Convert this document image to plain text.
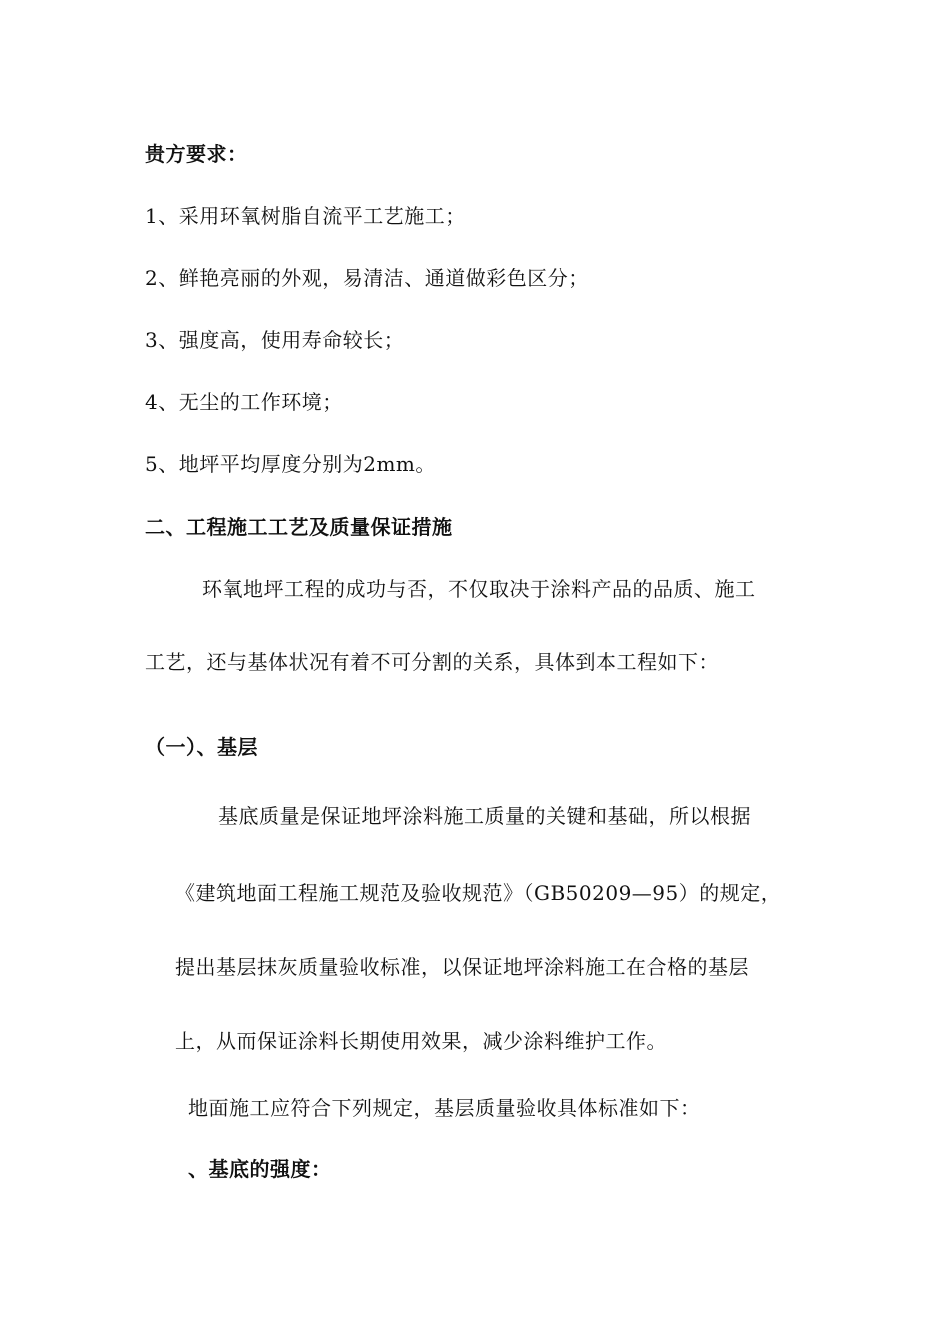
贵方要求：
1、采用环氧树脂自流平工艺施工；
2、鲜艳亮丽的外观，易清洁、通道做彩色区分；
3、强度高，使用寿命较长；
4、无尘的工作环境；
5、地坪平均厚度分别为2mm。
二、工程施工工艺及质量保证措施
环氧地坪工程的成功与否，不仅取决于涂料产品的品质、施工
工艺，还与基体状况有着不可分割的关系，具体到本工程如下：
（一）、基层
基底质量是保证地坪涂料施工质量的关键和基础，所以根据
《建筑地面工程施工规范及验收规范》（GB50209—95）的规定，
提出基层抹灰质量验收标准，以保证地坪涂料施工在合格的基层
上，从而保证涂料长期使用效果，减少涂料维护工作。
地面施工应符合下列规定，基层质量验收具体标准如下：
、基底的强度：
